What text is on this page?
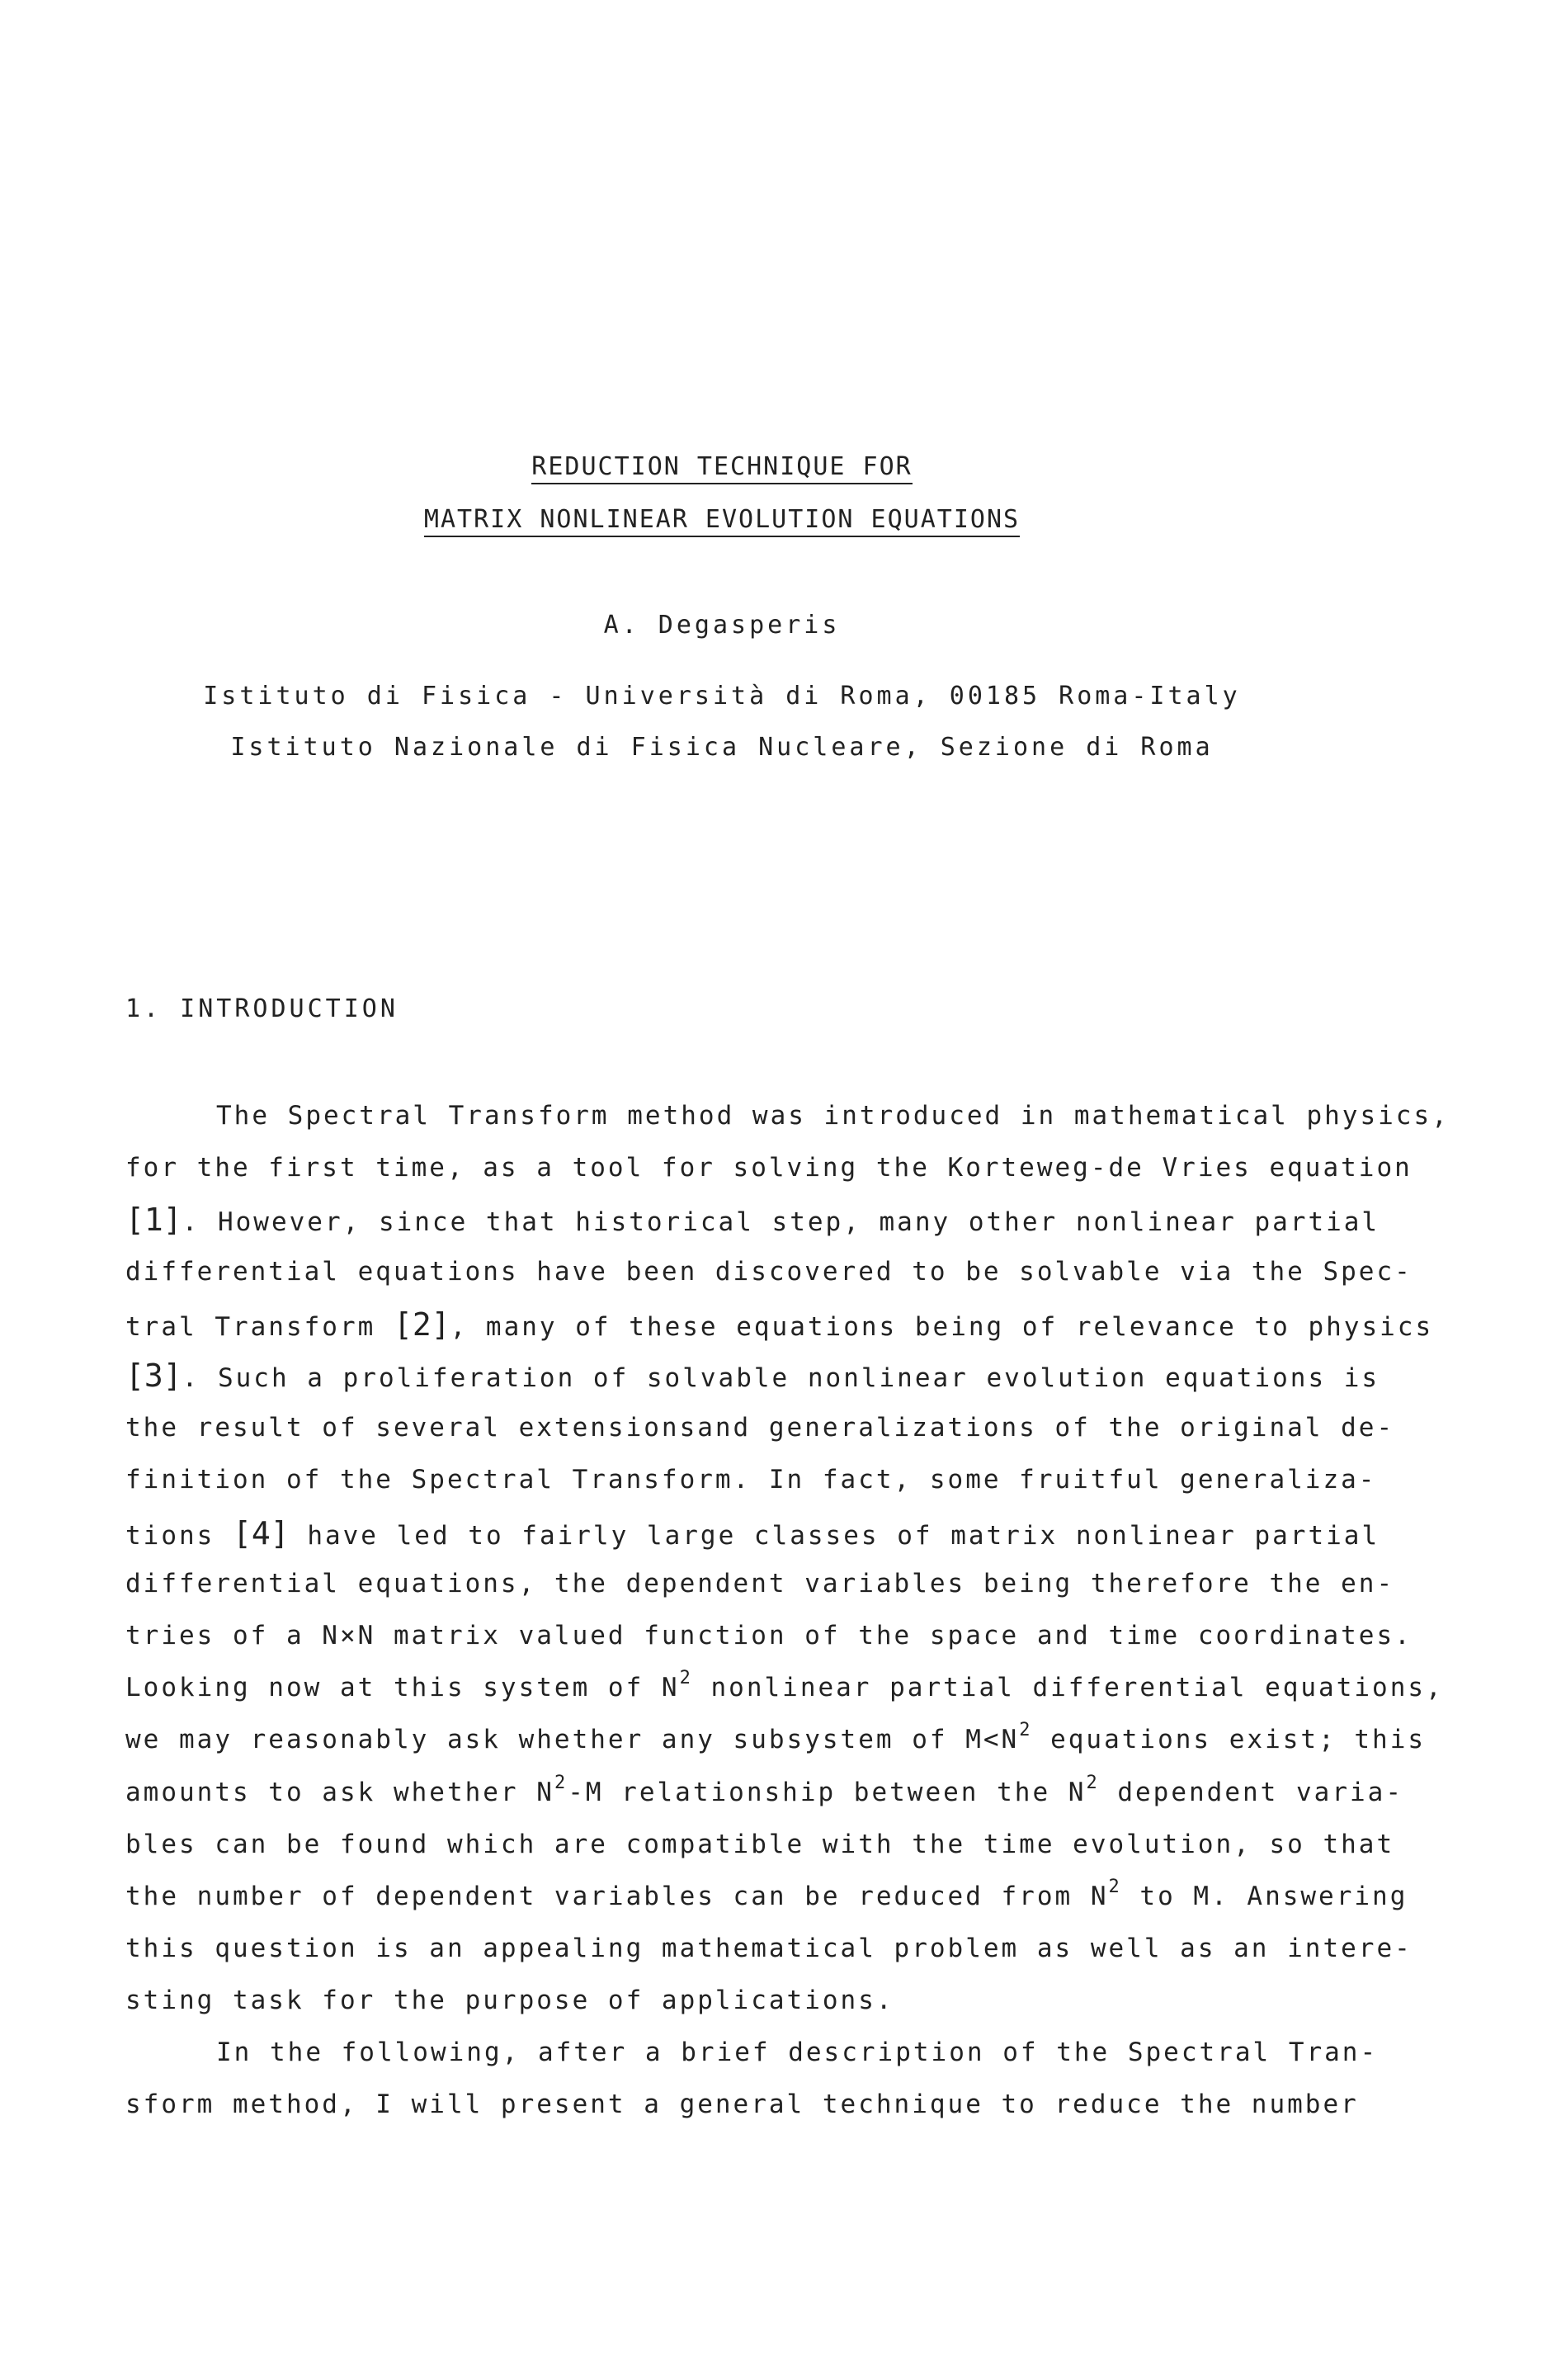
REDUCTION TECHNIQUE FOR
MATRIX NONLINEAR EVOLUTION EQUATIONS
A. Degasperis
Istituto di Fisica - Università di Roma, 00185 Roma-Italy
Istituto Nazionale di Fisica Nucleare, Sezione di Roma
1. INTRODUCTION
The Spectral Transform method was introduced in mathematical physics,
for the first time, as a tool for solving the Korteweg-de Vries equation
[1]. However, since that historical step, many other nonlinear partial
differential equations have been discovered to be solvable via the Spec-
tral Transform [2], many of these equations being of relevance to physics
[3]. Such a proliferation of solvable nonlinear evolution equations is
the result of several extensionsand generalizations of the original de-
finition of the Spectral Transform. In fact, some fruitful generaliza-
tions [4] have led to fairly large classes of matrix nonlinear partial
differential equations, the dependent variables being therefore the en-
tries of a N×N matrix valued function of the space and time coordinates.
Looking now at this system of $N^2$ nonlinear partial differential equations,
we may reasonably ask whether any subsystem of $M<N^2$ equations exist; this
amounts to ask whether $N^2-M$ relationship between the $N^2$ dependent varia-
bles can be found which are compatible with the time evolution, so that
the number of dependent variables can be reduced from $N^2$ to M. Answering
this question is an appealing mathematical problem as well as an intere-
sting task for the purpose of applications.
In the following, after a brief description of the Spectral Tran-
sform method, I will present a general technique to reduce the number
